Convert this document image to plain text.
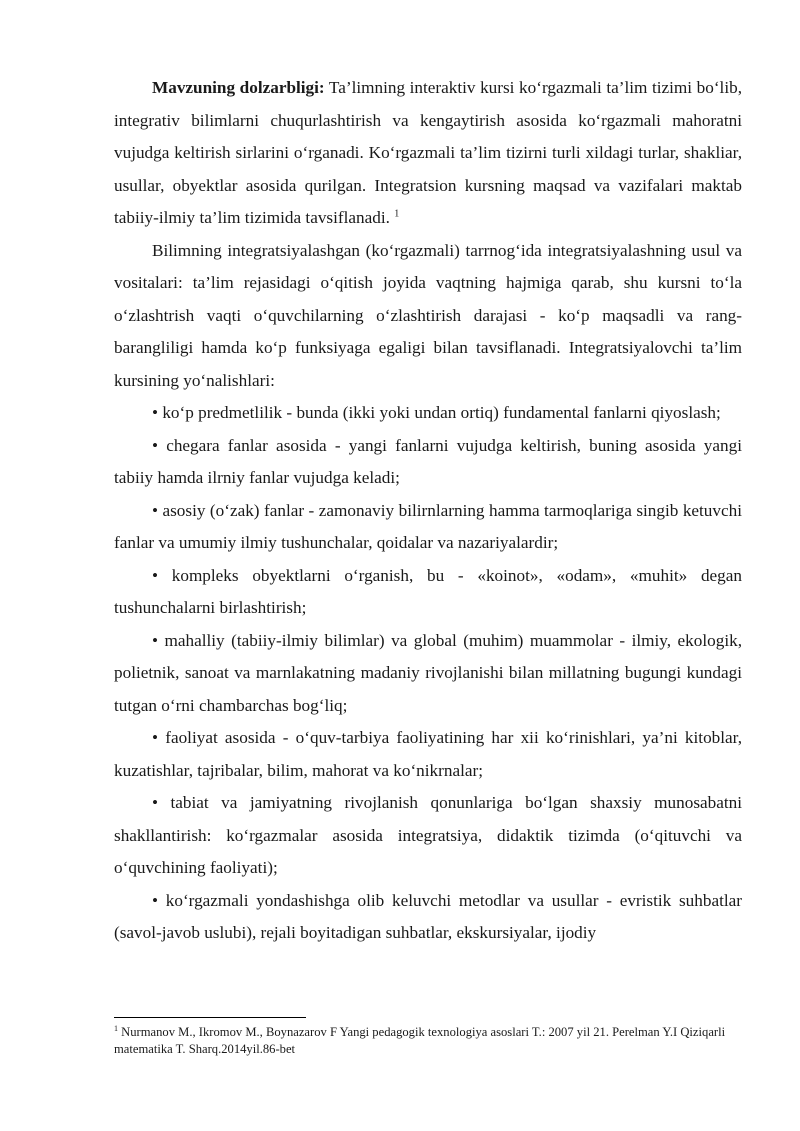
Mavzuning dolzarbligi: Ta’limning interaktiv kursi ko‘rgazmali ta’lim tizimi bo‘lib, integrativ bilimlarni chuqurlashtirish va kengaytirish asosida ko‘rgazmali mahoratni vujudga keltirish sirlarini o‘rganadi. Ko‘rgazmali ta’lim tizirni turli xildagi turlar, shakliar, usullar, obyektlar asosida qurilgan. Integratsion kursning maqsad va vazifalari maktab tabiiy-ilmiy ta’lim tizimida tavsiflanadi. $^1$

Bilimning integratsiyalashgan (ko‘rgazmali) tarrnog‘ida integratsiyalashning usul va vositalari: ta’lim rejasidagi o‘qitish joyida vaqtning hajmiga qarab, shu kursni to‘la o‘zlashtrish vaqti o‘quvchilarning o‘zlashtirish darajasi - ko‘p maqsadli va rang-barangliligi hamda ko‘p funksiyaga egaligi bilan tavsiflanadi. Integratsiyalovchi ta’lim kursining yo‘nalishlari:

• ko‘p predmetlilik - bunda (ikki yoki undan ortiq) fundamental fanlarni qiyoslash;

• chegara fanlar asosida - yangi fanlarni vujudga keltirish, buning asosida yangi tabiiy hamda ilrniy fanlar vujudga keladi;

• asosiy (o‘zak) fanlar - zamonaviy bilirnlarning hamma tarmoqlariga singib ketuvchi fanlar va umumiy ilmiy tushunchalar, qoidalar va nazariyalardir;

• kompleks obyektlarni o‘rganish, bu - «koinot», «odam», «muhit» degan tushunchalarni birlashtirish;

• mahalliy (tabiiy-ilmiy bilimlar) va global (muhim) muammolar - ilmiy, ekologik, polietnik, sanoat va marnlakatning madaniy rivojlanishi bilan millatning bugungi kundagi tutgan o‘rni chambarchas bog‘liq;

• faoliyat asosida - o‘quv-tarbiya faoliyatining har xii ko‘rinishlari, ya’ni kitoblar, kuzatishlar, tajribalar, bilim, mahorat va ko‘nikrnalar;

• tabiat va jamiyatning rivojlanish qonunlariga bo‘lgan shaxsiy munosabatni shakllantirish: ko‘rgazmalar asosida integratsiya, didaktik tizimda (o‘qituvchi va o‘quvchining faoliyati);

• ko‘rgazmali yondashishga olib keluvchi metodlar va usullar - evristik suhbatlar (savol-javob uslubi), rejali boyitadigan suhbatlar, ekskursiyalar, ijodiy

$^1$ Nurmanov M., Ikromov M., Boynazarov F Yangi pedagogik texnologiya asoslari T.: 2007 yil 21. Perelman Y.I Qiziqarli matematika T. Sharq.2014yil.86-bet
